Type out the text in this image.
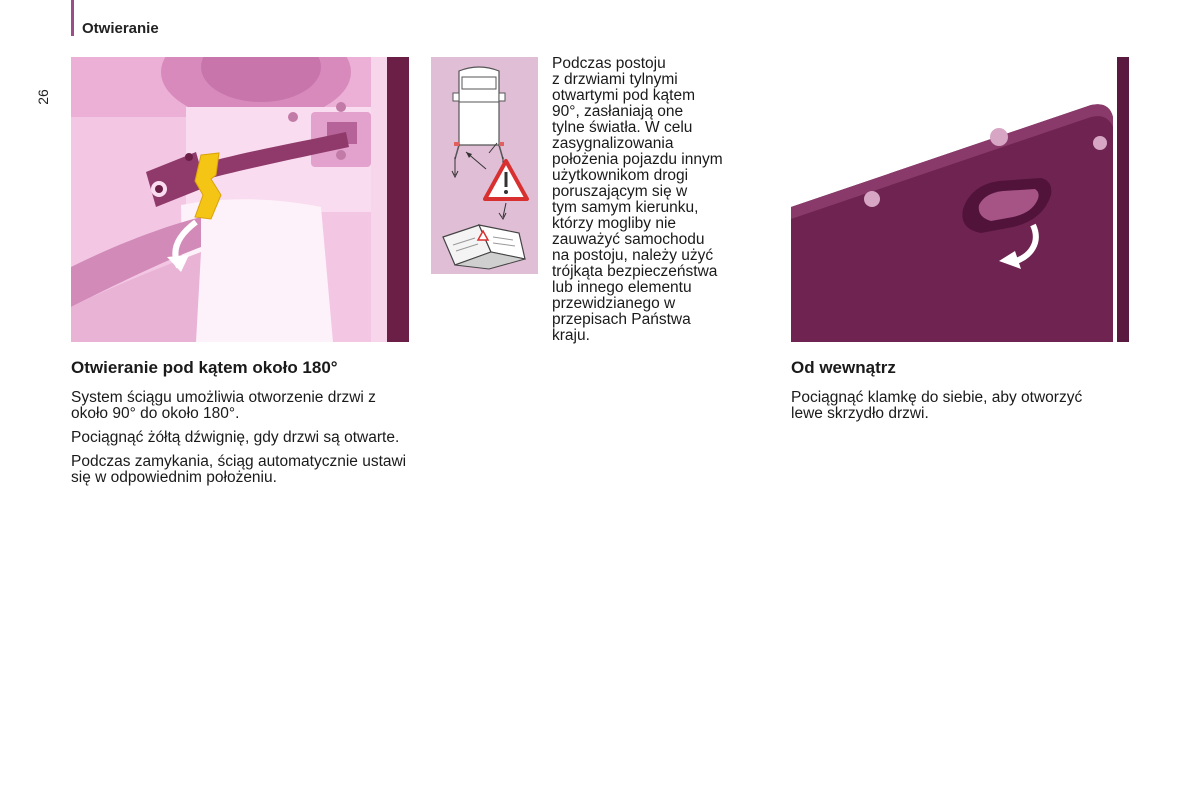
Otwieranie
26
Otwieranie pod kątem około 180°

System ściągu umożliwia otworzenie drzwi z około 90° do około 180°.

Pociągnąć żółtą dźwignię, gdy drzwi są otwarte.

Podczas zamykania, ściąg automatycznie ustawi się w odpowiednim położeniu.

Podczas postoju
z drzwiami tylnymi
otwartymi pod kątem
90°, zasłaniają one
tylne światła. W celu
zasygnalizowania
położenia pojazdu innym
użytkownikom drogi
poruszającym się w
tym samym kierunku,
którzy mogliby nie
zauważyć samochodu
na postoju, należy użyć
trójkąta bezpieczeństwa
lub innego elementu
przewidzianego w
przepisach Państwa
kraju.
Od wewnątrz

Pociągnąć klamkę do siebie, aby otworzyć lewe skrzydło drzwi.
